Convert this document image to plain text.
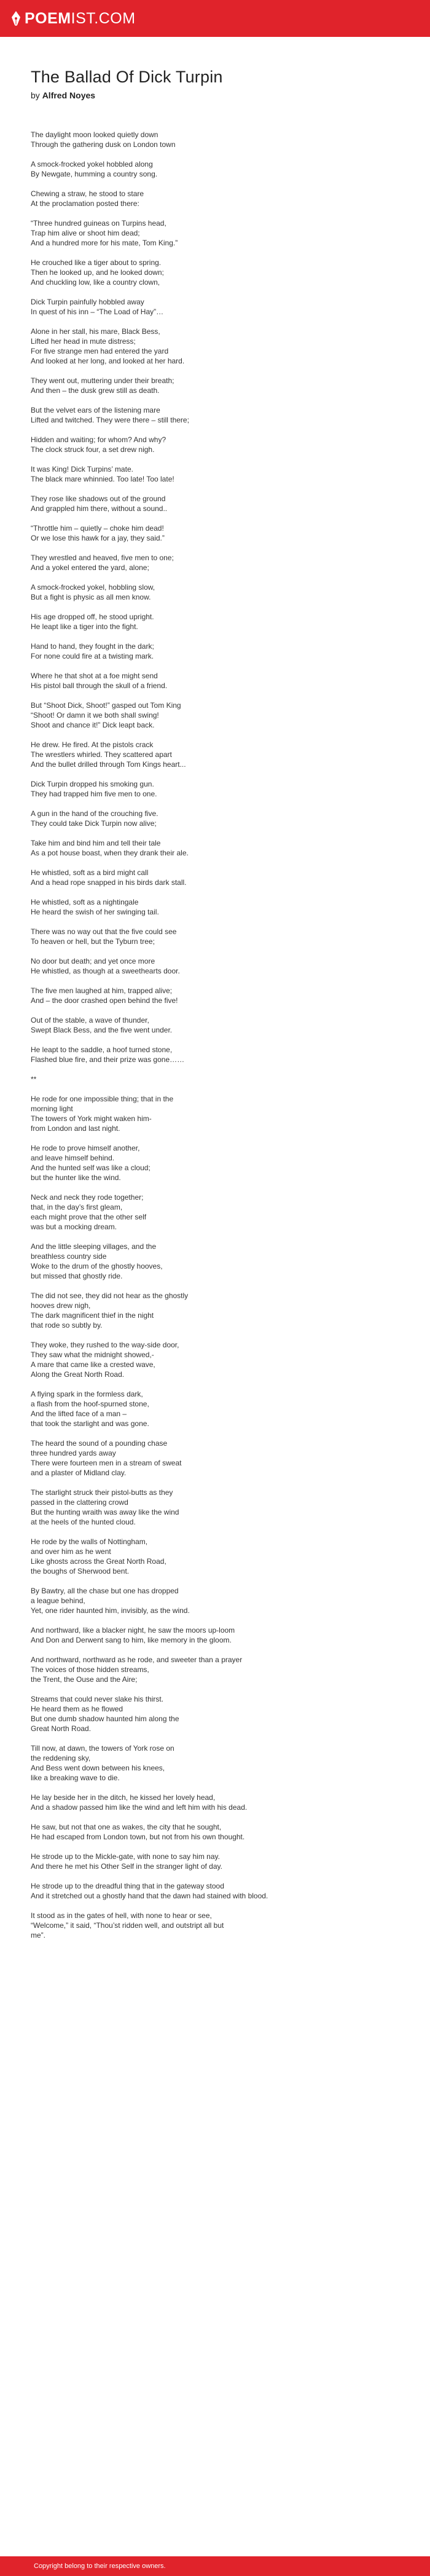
POEMIST.COM
The Ballad Of Dick Turpin
by Alfred Noyes
The daylight moon looked quietly down
Through the gathering dusk on London town
A smock-frocked yokel hobbled along
By Newgate, humming a country song.
Chewing a straw, he stood to stare
At the proclamation posted there:
“Three hundred guineas on Turpins head,
Trap him alive or shoot him dead;
And a hundred more for his mate, Tom King.”
He crouched like a tiger about to spring.
Then he looked up, and he looked down;
And chuckling low, like a country clown,
Dick Turpin painfully hobbled away
In quest of his inn – “The Load of Hay”…
Alone in her stall, his mare, Black Bess,
Lifted her head in mute distress;
For five strange men had entered the yard
And looked at her long, and looked at her hard.
They went out, muttering under their breath;
And then – the dusk grew still as death.
But the velvet ears of the listening mare
Lifted and twitched. They were there – still there;
Hidden and waiting; for whom? And why?
The clock struck four, a set drew nigh.
It was King! Dick Turpins’ mate.
The black mare whinnied. Too late! Too late!
They rose like shadows out of the ground
And grappled him there, without a sound..
“Throttle him – quietly – choke him dead!
Or we lose this hawk for a jay, they said.”
They wrestled and heaved, five men to one;
And a yokel entered the yard, alone;
A smock-frocked yokel, hobbling slow,
But a fight is physic as all men know.
His age dropped off, he stood upright.
He leapt like a tiger into the fight.
Hand to hand, they fought in the dark;
For none could fire at a twisting mark.
Where he that shot at a foe might send
His pistol ball through the skull of a friend.
But “Shoot Dick, Shoot!” gasped out Tom King
“Shoot! Or damn it we both shall swing!
Shoot and chance it!” Dick leapt back.
He drew. He fired. At the pistols crack
The wrestlers whirled. They scattered apart
And the bullet drilled through Tom Kings heart...
Dick Turpin dropped his smoking gun.
They had trapped him five men to one.
A gun in the hand of the crouching five.
They could take Dick Turpin now alive;
Take him and bind him and tell their tale
As a pot house boast, when they drank their ale.
He whistled, soft as a bird might call
And a head rope snapped in his birds dark stall.
He whistled, soft as a nightingale
He heard the swish of her swinging tail.
There was no way out that the five could see
To heaven or hell, but the Tyburn tree;
No door but death; and yet once more
He whistled, as though at a sweethearts door.
The five men laughed at him, trapped alive;
And – the door crashed open behind the five!
Out of the stable, a wave of thunder,
Swept Black Bess, and the five went under.
He leapt to the saddle, a hoof turned stone,
Flashed blue fire, and their prize was gone……
**
He rode for one impossible thing; that in the
morning light
The towers of York might waken him-
from London and last night.
He rode to prove himself another,
and leave himself behind.
And the hunted self was like a cloud;
but the hunter like the wind.
Neck and neck they rode together;
that, in the day’s first gleam,
each might prove that the other self
was but a mocking dream.
And the little sleeping villages, and the
breathless country side
Woke to the drum of the ghostly hooves,
but missed that ghostly ride.
The did not see, they did not hear as the ghostly
hooves drew nigh,
The dark magnificent thief in the night
that rode so subtly by.
They woke, they rushed to the way-side door,
They saw what the midnight showed,-
A mare that came like a crested wave,
Along the Great North Road.
A flying spark in the formless dark,
a flash from the hoof-spurned stone,
And the lifted face of a man –
that took the starlight and was gone.
The heard the sound of a pounding chase
three hundred yards away
There were fourteen men in a stream of sweat
and a plaster of Midland clay.
The starlight struck their pistol-butts as they
passed in the clattering crowd
But the hunting wraith was away like the wind
at the heels of the hunted cloud.
He rode by the walls of Nottingham,
and over him as he went
Like ghosts across the Great North Road,
the boughs of Sherwood bent.
By Bawtry, all the chase but one has dropped
a league behind,
Yet, one rider haunted him, invisibly, as the wind.
And northward, like a blacker night, he saw the moors up-loom
And Don and Derwent sang to him, like memory in the gloom.
And northward, northward as he rode, and sweeter than a prayer
The voices of those hidden streams,
the Trent, the Ouse and the Aire;
Streams that could never slake his thirst.
He heard them as he flowed
But one dumb shadow haunted him along the
Great North Road.
Till now, at dawn, the towers of York rose on
the reddening sky,
And Bess went down between his knees,
like a breaking wave to die.
He lay beside her in the ditch, he kissed her lovely head,
And a shadow passed him like the wind and left him with his dead.
He saw, but not that one as wakes, the city that he sought,
He had escaped from London town, but not from his own thought.
He strode up to the Mickle-gate, with none to say him nay.
And there he met his Other Self in the stranger light of day.
He strode up to the dreadful thing that in the gateway stood
And it stretched out a ghostly hand that the dawn had stained with blood.
It stood as in the gates of hell, with none to hear or see,
“Welcome,” it said, “Thou’st ridden well, and outstript all but
me”.
Copyright belong to their respective owners.
